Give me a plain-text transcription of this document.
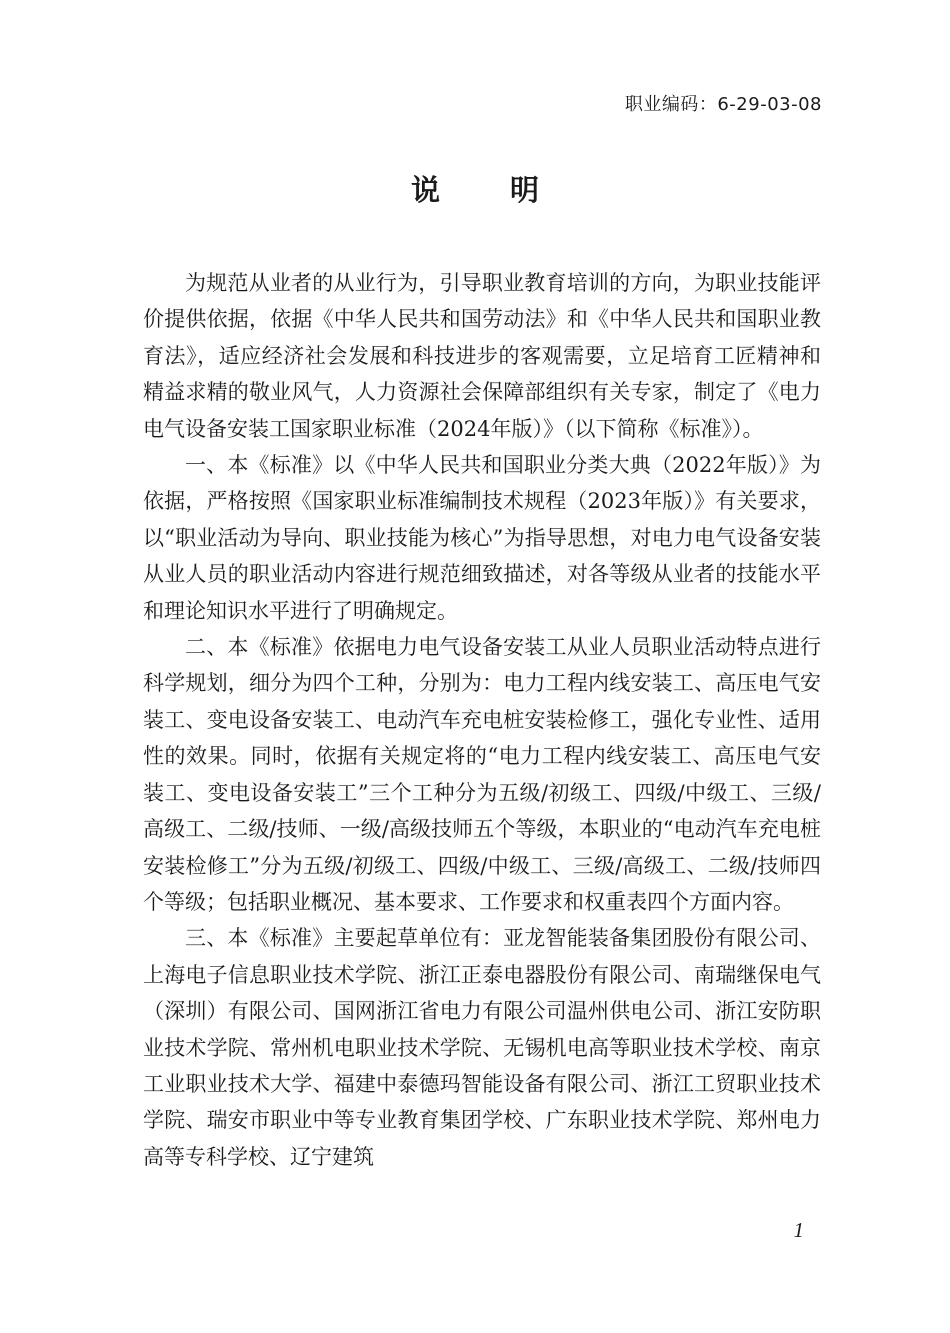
职业编码：6-29-03-08
说明

为规范从业者的从业行为，引导职业教育培训的方向，为职业技能评价提供依据，依据《中华人民共和国劳动法》和《中华人民共和国职业教育法》，适应经济社会发展和科技进步的客观需要，立足培育工匠精神和精益求精的敬业风气，人力资源社会保障部组织有关专家，制定了《电力电气设备安装工国家职业标准（2024年版）》（以下简称《标准》）。

一、本《标准》以《中华人民共和国职业分类大典（2022年版）》为依据，严格按照《国家职业标准编制技术规程（2023年版）》有关要求，以“职业活动为导向、职业技能为核心”为指导思想，对电力电气设备安装从业人员的职业活动内容进行规范细致描述，对各等级从业者的技能水平和理论知识水平进行了明确规定。

二、本《标准》依据电力电气设备安装工从业人员职业活动特点进行科学规划，细分为四个工种，分别为：电力工程内线安装工、高压电气安装工、变电设备安装工、电动汽车充电桩安装检修工，强化专业性、适用性的效果。同时，依据有关规定将的“电力工程内线安装工、高压电气安装工、变电设备安装工”三个工种分为五级/初级工、四级/中级工、三级/高级工、二级/技师、一级/高级技师五个等级，本职业的“电动汽车充电桩安装检修工”分为五级/初级工、四级/中级工、三级/高级工、二级/技师四个等级；包括职业概况、基本要求、工作要求和权重表四个方面内容。

三、本《标准》主要起草单位有：亚龙智能装备集团股份有限公司、上海电子信息职业技术学院、浙江正泰电器股份有限公司、南瑞继保电气（深圳）有限公司、国网浙江省电力有限公司温州供电公司、浙江安防职业技术学院、常州机电职业技术学院、无锡机电高等职业技术学校、南京工业职业技术大学、福建中泰德玛智能设备有限公司、浙江工贸职业技术学院、瑞安市职业中等专业教育集团学校、广东职业技术学院、郑州电力高等专科学校、辽宁建筑

1
